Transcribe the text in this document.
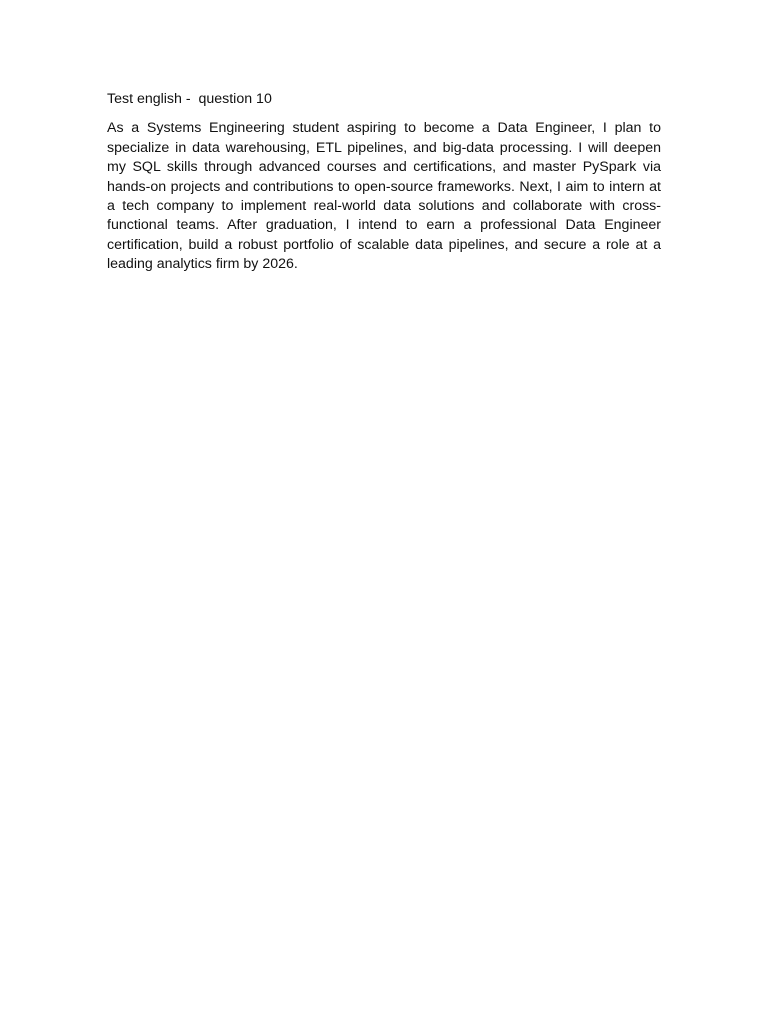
Test english -  question 10

As a Systems Engineering student aspiring to become a Data Engineer, I plan to specialize in data warehousing, ETL pipelines, and big-data processing. I will deepen my SQL skills through advanced courses and certifications, and master PySpark via hands-on projects and contributions to open-source frameworks. Next, I aim to intern at a tech company to implement real-world data solutions and collaborate with cross-functional teams. After graduation, I intend to earn a professional Data Engineer certification, build a robust portfolio of scalable data pipelines, and secure a role at a leading analytics firm by 2026.
